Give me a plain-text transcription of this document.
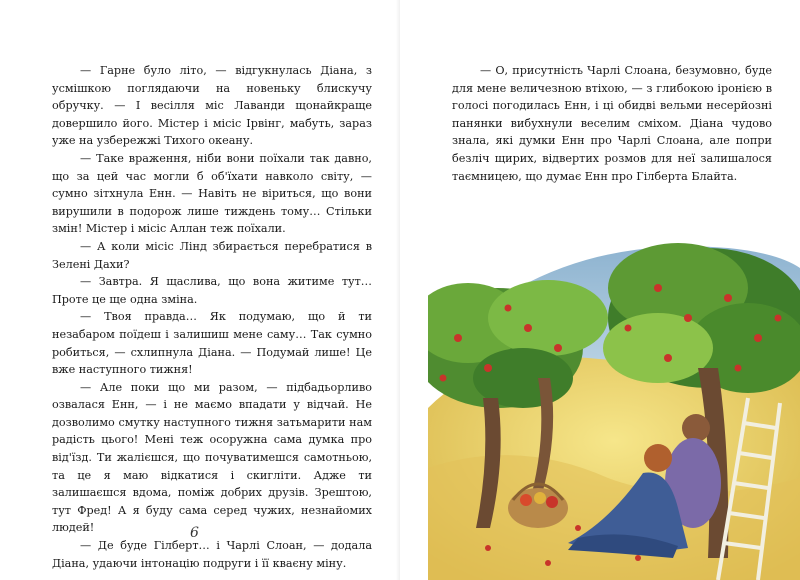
— Гарне було літо, — відгукнулась Діана, з усмішкою поглядаючи на новеньку блискучу обручку. — І весілля міс Лаванди щонайкраще довершило його. Містер і місіс Ірвінг, мабуть, зараз уже на узбережжі Тихого океану.

— Таке враження, ніби вони поїхали так давно, що за цей час могли б об'їхати навколо світу, — сумно зітхнула Енн. — Навіть не віриться, що вони вирушили в подорож лише тиждень тому… Стільки змін! Містер і місіс Аллан теж поїхали.

— А коли місіс Лінд збирається перебратися в Зелені Дахи?

— Завтра. Я щаслива, що вона житиме тут… Проте це ще одна зміна.

— Твоя правда… Як подумаю, що й ти незабаром поїдеш і залишиш мене саму… Так сумно робиться, — схлипнула Діана. — Подумай лише! Це вже наступного тижня!

— Але поки що ми разом, — підбадьорливо озвалася Енн, — і не маємо впадати у відчай. Не дозволимо смутку наступного тижня затьмарити нам радість цього! Мені теж осоружна сама думка про від'їзд. Ти жалієшся, що почуватимешся самотньою, та це я маю відкатися і скигліти. Адже ти залишаєшся вдома, поміж добрих друзів. Зрештою, тут Фред! А я буду сама серед чужих, незнайомих людей!

— Де буде Гілберт… і Чарлі Слоан, — додала Діана, удаючи інтонацію подруги і її кваєну міну.

6

— О, присутність Чарлі Слоана, безумовно, буде для мене величезною втіхою, — з глибокою іронією в голосі погодилась Енн, і ці обидві вельми несерйозні панянки вибухнули веселим сміхом. Діана чудово знала, які думки Енн про Чарлі Слоана, але попри безліч щирих, відвертих розмов для неї залишалося таємницею, що думає Енн про Гілберта Блайта.
